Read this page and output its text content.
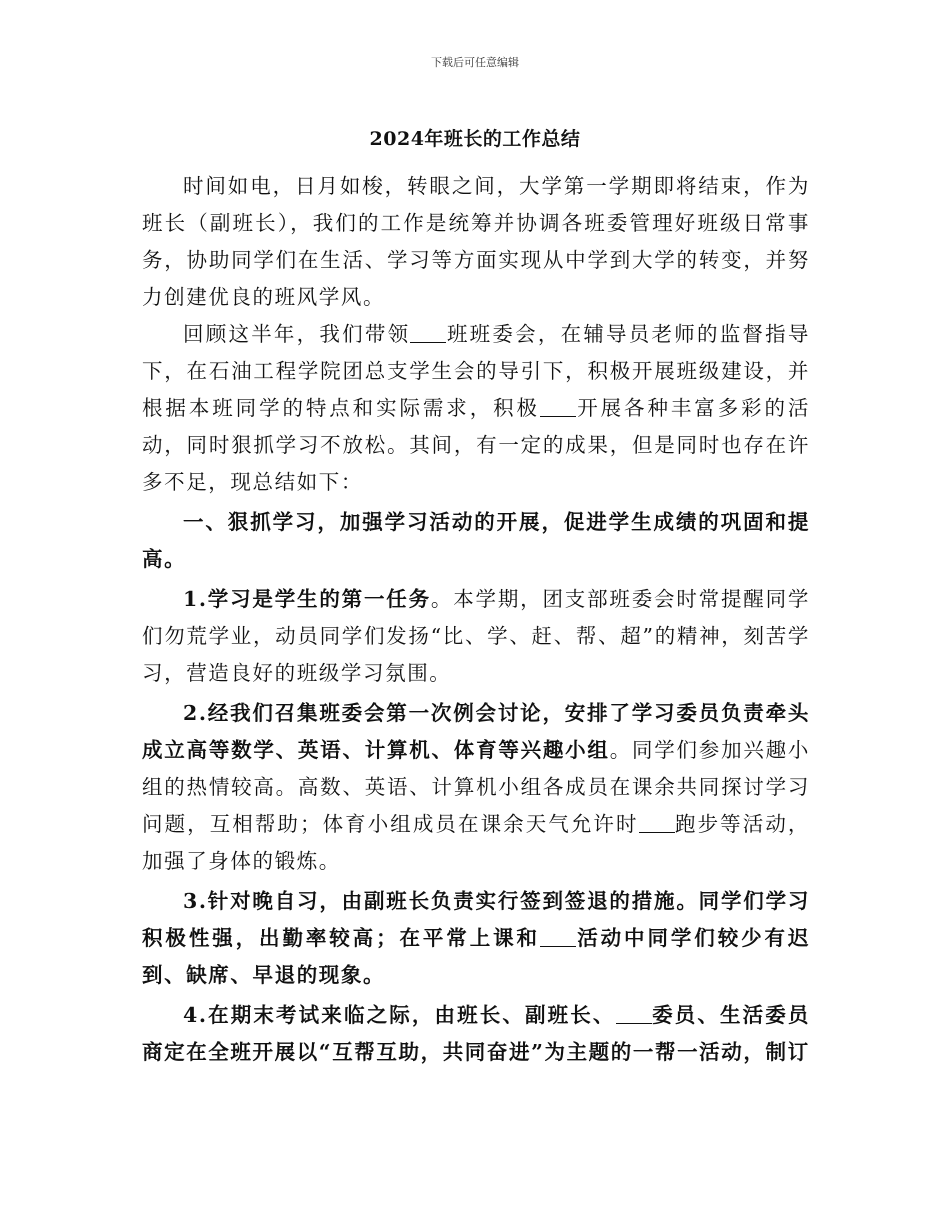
下载后可任意编辑
2024年班长的工作总结

时间如电，日月如梭，转眼之间，大学第一学期即将结束，作为班长（副班长），我们的工作是统筹并协调各班委管理好班级日常事务，协助同学们在生活、学习等方面实现从中学到大学的转变，并努力创建优良的班风学风。

回顾这半年，我们带领 班班委会，在辅导员老师的监督指导下，在石油工程学院团总支学生会的导引下，积极开展班级建设，并根据本班同学的特点和实际需求，积极 开展各种丰富多彩的活动，同时狠抓学习不放松。其间，有一定的成果，但是同时也存在许多不足，现总结如下：

一、狠抓学习，加强学习活动的开展，促进学生成绩的巩固和提高。

1.学习是学生的第一任务。本学期，团支部班委会时常提醒同学们勿荒学业，动员同学们发扬“比、学、赶、帮、超”的精神，刻苦学习，营造良好的班级学习氛围。

2.经我们召集班委会第一次例会讨论，安排了学习委员负责牵头成立高等数学、英语、计算机、体育等兴趣小组。同学们参加兴趣小组的热情较高。高数、英语、计算机小组各成员在课余共同探讨学习问题，互相帮助；体育小组成员在课余天气允许时 跑步等活动，加强了身体的锻炼。

3.针对晚自习，由副班长负责实行签到签退的措施。同学们学习积极性强，出勤率较高；在平常上课和 活动中同学们较少有迟到、缺席、早退的现象。

4.在期末考试来临之际，由班长、副班长、 委员、生活委员商定在全班开展以“互帮互助，共同奋进”为主题的一帮一活动，制订
